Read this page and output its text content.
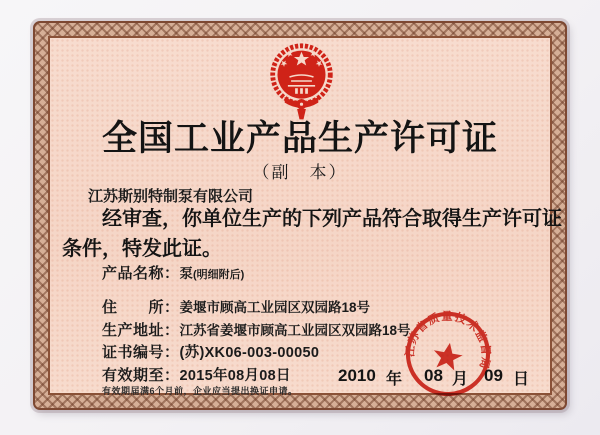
全国工业产品生产许可证
（副　本）
江苏斯别特制泵有限公司
经审查，你单位生产的下列产品符合取得生产许可证
条件，特发此证。
产品名称：泵(明细附后)
住　　所：姜堰市顾高工业园区双园路18号
生产地址：江苏省姜堰市顾高工业园区双园路18号
证书编号：(苏)XK06-003-00050
有效期至：2015年08月08日
有效期届满6个月前，企业应当提出换证申请。
2010 年 08 月 09 日
江苏省质量技术监督局
